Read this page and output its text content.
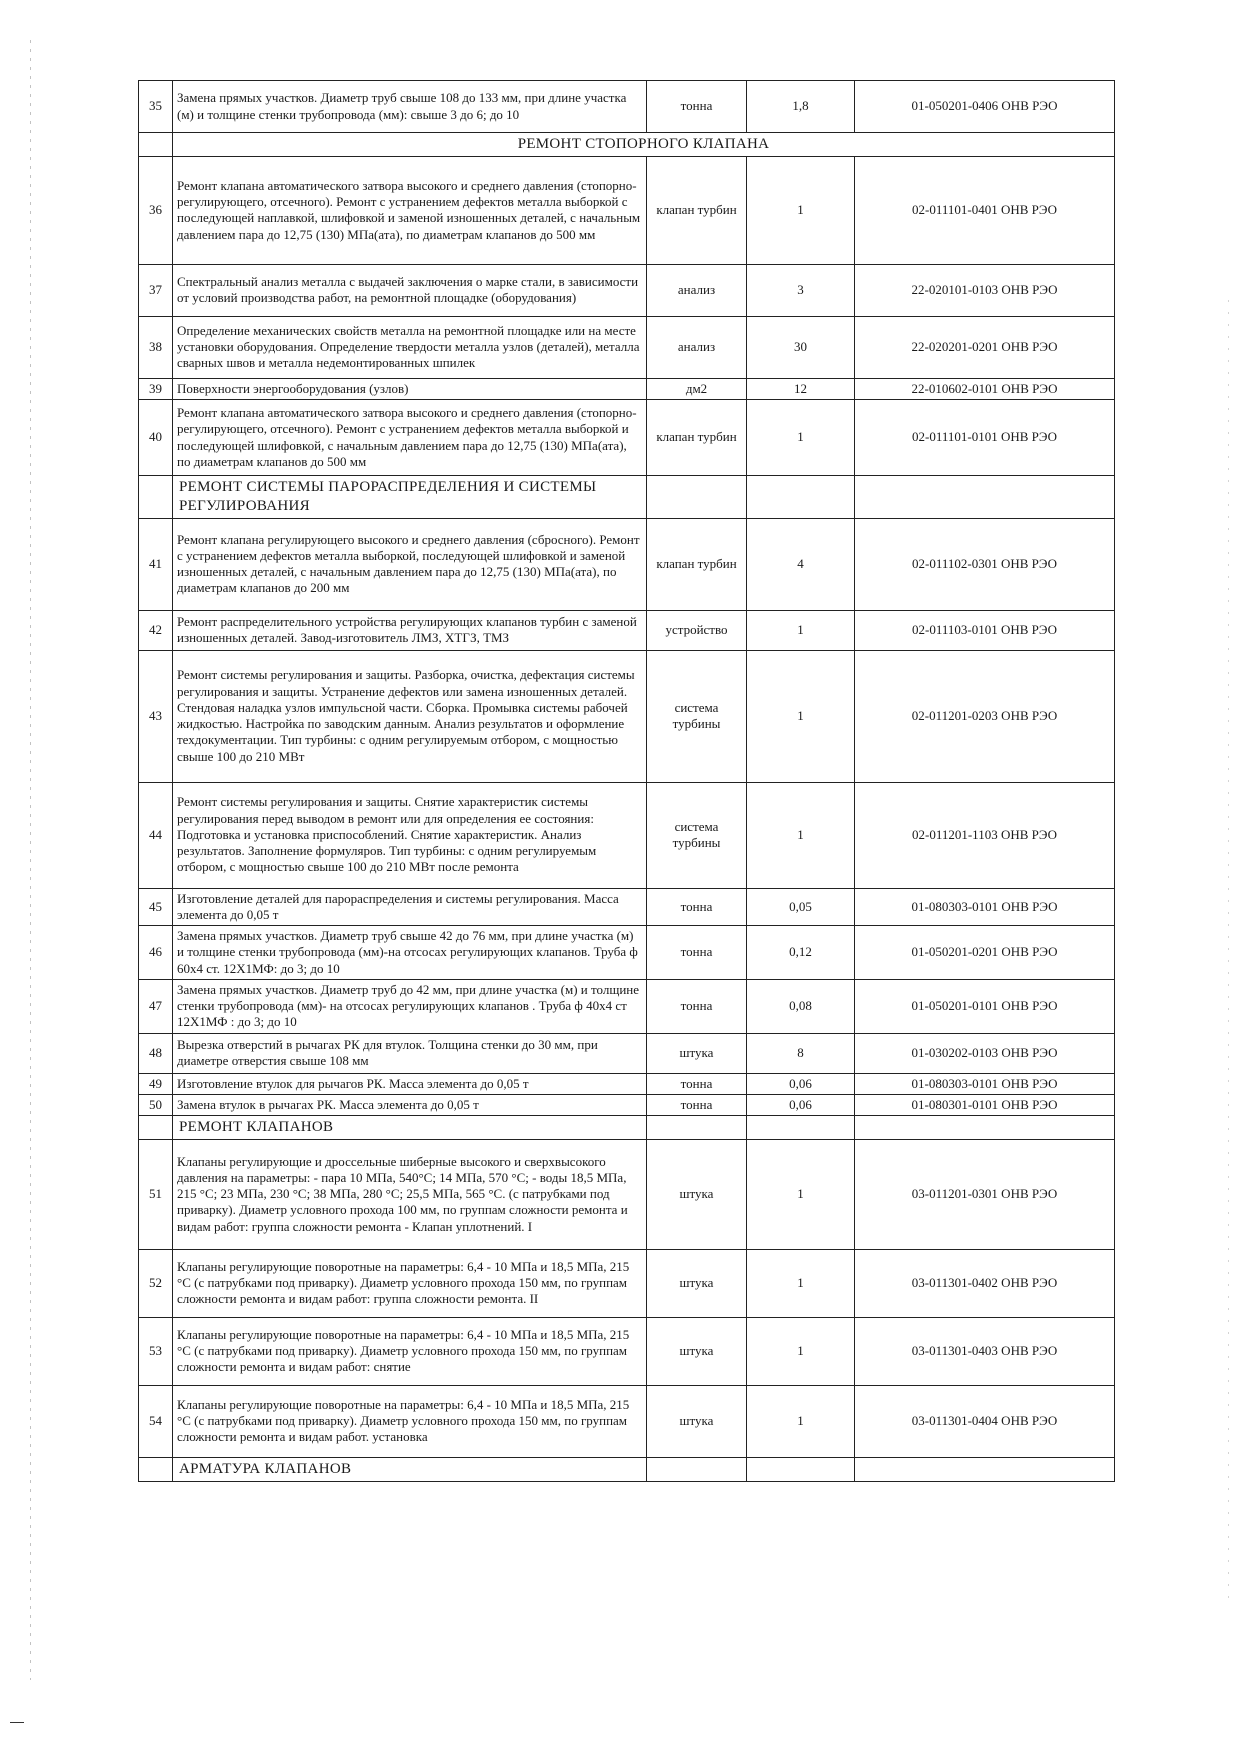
35	Замена прямых участков. Диаметр труб свыше 108 до 133 мм, при длине участка (м) и толщине стенки трубопровода (мм): свыше 3 до 6; до 10	тонна	1,8	01-050201-0406 ОНВ РЭО
	РЕМОНТ СТОПОРНОГО КЛАПАНА			
36	Ремонт клапана автоматического затвора высокого и среднего давления (стопорно-регулирующего, отсечного). Ремонт с устранением дефектов металла выборкой с последующей наплавкой, шлифовкой и заменой изношенных деталей, с начальным давлением пара до 12,75 (130) МПа(ата), по диаметрам клапанов до 500 мм	клапан турбин	1	02-011101-0401 ОНВ РЭО
37	Спектральный анализ металла с выдачей заключения о марке стали, в зависимости от условий производства работ, на ремонтной площадке (оборудования)	анализ	3	22-020101-0103 ОНВ РЭО
38	Определение механических свойств металла на ремонтной площадке или на месте установки оборудования. Определение твердости металла узлов (деталей), металла сварных швов и металла недемонтированных шпилек	анализ	30	22-020201-0201 ОНВ РЭО
39	Поверхности энергооборудования (узлов)	дм2	12	22-010602-0101 ОНВ РЭО
40	Ремонт клапана автоматического затвора высокого и среднего давления (стопорно-регулирующего, отсечного). Ремонт с устранением дефектов металла выборкой и последующей шлифовкой, с начальным давлением пара до 12,75 (130) МПа(ата), по диаметрам клапанов до 500 мм	клапан турбин	1	02-011101-0101 ОНВ РЭО
	РЕМОНТ СИСТЕМЫ ПАРОРАСПРЕДЕЛЕНИЯ И СИСТЕМЫ РЕГУЛИРОВАНИЯ			
41	Ремонт клапана регулирующего высокого и среднего давления (сбросного). Ремонт с устранением дефектов металла выборкой, последующей шлифовкой и заменой изношенных деталей, с начальным давлением пара до 12,75 (130) МПа(ата), по диаметрам клапанов до 200 мм	клапан турбин	4	02-011102-0301 ОНВ РЭО
42	Ремонт распределительного устройства регулирующих клапанов турбин с заменой изношенных деталей. Завод-изготовитель ЛМЗ, ХТГЗ, ТМЗ	устройство	1	02-011103-0101 ОНВ РЭО
43	Ремонт системы регулирования и защиты. Разборка, очистка, дефектация системы регулирования и защиты. Устранение дефектов или замена изношенных деталей. Стендовая наладка узлов импульсной части. Сборка. Промывка системы рабочей жидкостью. Настройка по заводским данным. Анализ результатов и оформление техдокументации. Тип турбины: с одним регулируемым отбором, с мощностью свыше 100 до 210 МВт	система турбины	1	02-011201-0203 ОНВ РЭО
44	Ремонт системы регулирования и защиты. Снятие характеристик системы регулирования перед выводом в ремонт или для определения ее состояния: Подготовка и установка приспособлений. Снятие характеристик. Анализ результатов. Заполнение формуляров. Тип турбины: с одним регулируемым отбором, с мощностью свыше 100 до 210 МВт после ремонта	система турбины	1	02-011201-1103 ОНВ РЭО
45	Изготовление деталей для парораспределения и системы регулирования. Масса элемента до 0,05 т	тонна	0,05	01-080303-0101 ОНВ РЭО
46	Замена прямых участков. Диаметр труб свыше 42 до 76 мм, при длине участка (м) и толщине стенки трубопровода (мм)-на отсосах регулирующих клапанов. Труба ф 60х4 ст. 12Х1МФ: до 3; до 10	тонна	0,12	01-050201-0201 ОНВ РЭО
47	Замена прямых участков. Диаметр труб до 42 мм, при длине участка (м) и толщине стенки трубопровода (мм)- на отсосах регулирующих клапанов . Труба ф 40х4 ст 12Х1МФ : до 3; до 10	тонна	0,08	01-050201-0101 ОНВ РЭО
48	Вырезка отверстий в рычагах РК для втулок. Толщина стенки до 30 мм, при диаметре отверстия свыше 108 мм	штука	8	01-030202-0103 ОНВ РЭО
49	Изготовление втулок для рычагов РК. Масса элемента до 0,05 т	тонна	0,06	01-080303-0101 ОНВ РЭО
50	Замена втулок в рычагах РК. Масса элемента до 0,05 т	тонна	0,06	01-080301-0101 ОНВ РЭО
	РЕМОНТ КЛАПАНОВ			
51	Клапаны регулирующие и дроссельные шиберные высокого и сверхвысокого давления на параметры: - пара 10 МПа, 540°С; 14 МПа, 570 °С; - воды 18,5 МПа, 215 °С; 23 МПа, 230 °С; 38 МПа, 280 °С; 25,5 МПа, 565 °С. (с патрубками под приварку). Диаметр условного прохода 100 мм, по группам сложности ремонта и видам работ: группа сложности ремонта - Клапан уплотнений. I	штука	1	03-011201-0301 ОНВ РЭО
52	Клапаны регулирующие поворотные на параметры: 6,4 - 10 МПа и 18,5 МПа, 215 °С (с патрубками под приварку). Диаметр условного прохода 150 мм, по группам сложности ремонта и видам работ: группа сложности ремонта. II	штука	1	03-011301-0402 ОНВ РЭО
53	Клапаны регулирующие поворотные на параметры: 6,4 - 10 МПа и 18,5 МПа, 215 °С (с патрубками под приварку). Диаметр условного прохода 150 мм, по группам сложности ремонта и видам работ: снятие	штука	1	03-011301-0403 ОНВ РЭО
54	Клапаны регулирующие поворотные на параметры: 6,4 - 10 МПа и 18,5 МПа, 215 °С (с патрубками под приварку). Диаметр условного прохода 150 мм, по группам сложности ремонта и видам работ. установка	штука	1	03-011301-0404 ОНВ РЭО
	АРМАТУРА КЛАПАНОВ			
